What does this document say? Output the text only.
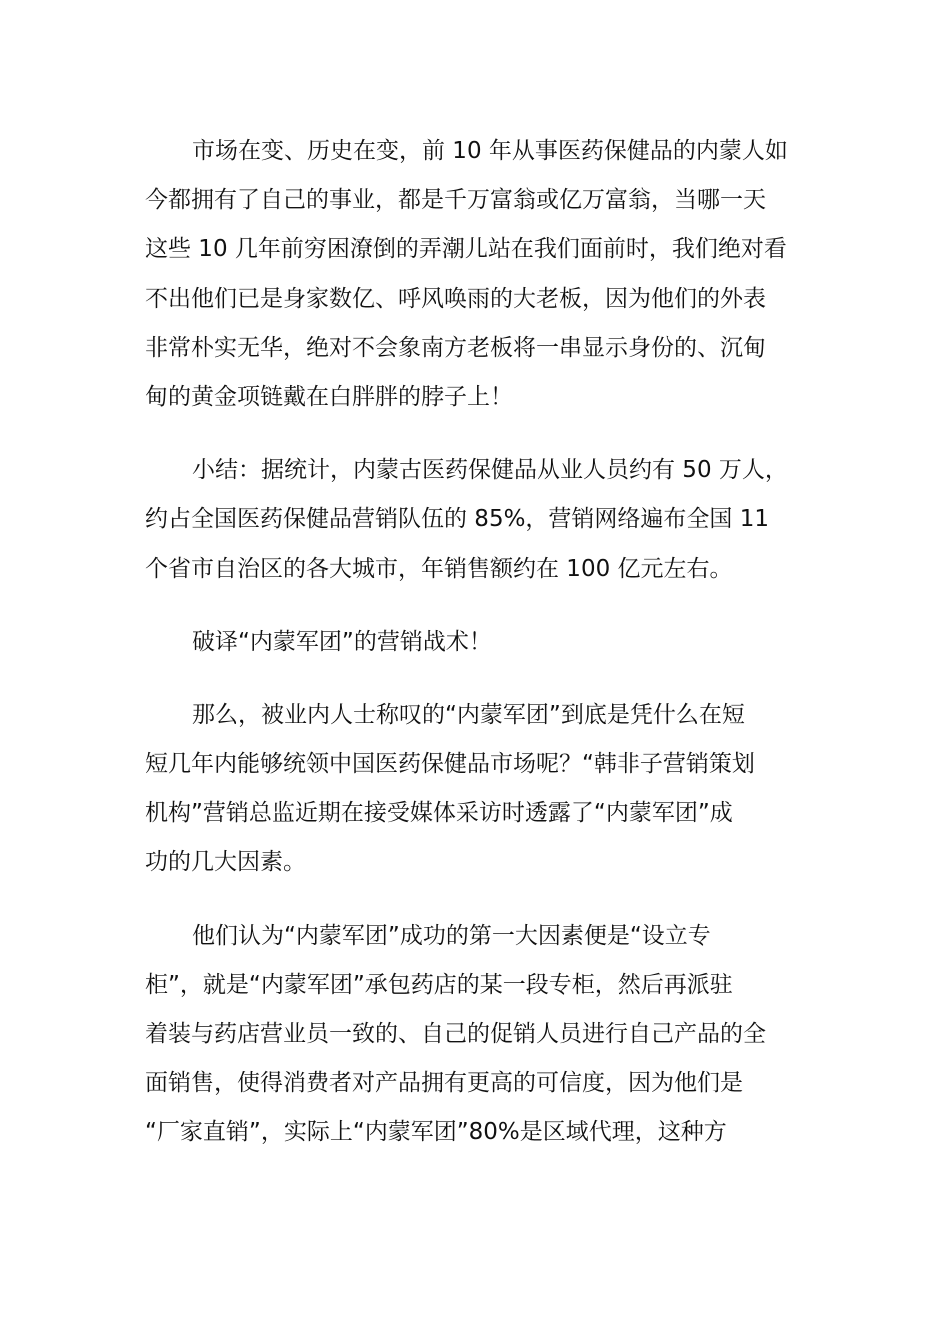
市场在变、历史在变，前 10 年从事医药保健品的内蒙人如
今都拥有了自己的事业，都是千万富翁或亿万富翁，当哪一天
这些 10 几年前穷困潦倒的弄潮儿站在我们面前时，我们绝对看
不出他们已是身家数亿、呼风唤雨的大老板，因为他们的外表
非常朴实无华，绝对不会象南方老板将一串显示身份的、沉甸
甸的黄金项链戴在白胖胖的脖子上！
小结：据统计，内蒙古医药保健品从业人员约有 50 万人，
约占全国医药保健品营销队伍的 85%，营销网络遍布全国 11
个省市自治区的各大城市，年销售额约在 100 亿元左右。
破译“内蒙军团”的营销战术！
那么，被业内人士称叹的“内蒙军团”到底是凭什么在短
短几年内能够统领中国医药保健品市场呢？“韩非子营销策划
机构”营销总监近期在接受媒体采访时透露了“内蒙军团”成
功的几大因素。
他们认为“内蒙军团”成功的第一大因素便是“设立专
柜”，就是“内蒙军团”承包药店的某一段专柜，然后再派驻
着装与药店营业员一致的、自己的促销人员进行自己产品的全
面销售，使得消费者对产品拥有更高的可信度，因为他们是
“厂家直销”，实际上“内蒙军团”80%是区域代理，这种方
